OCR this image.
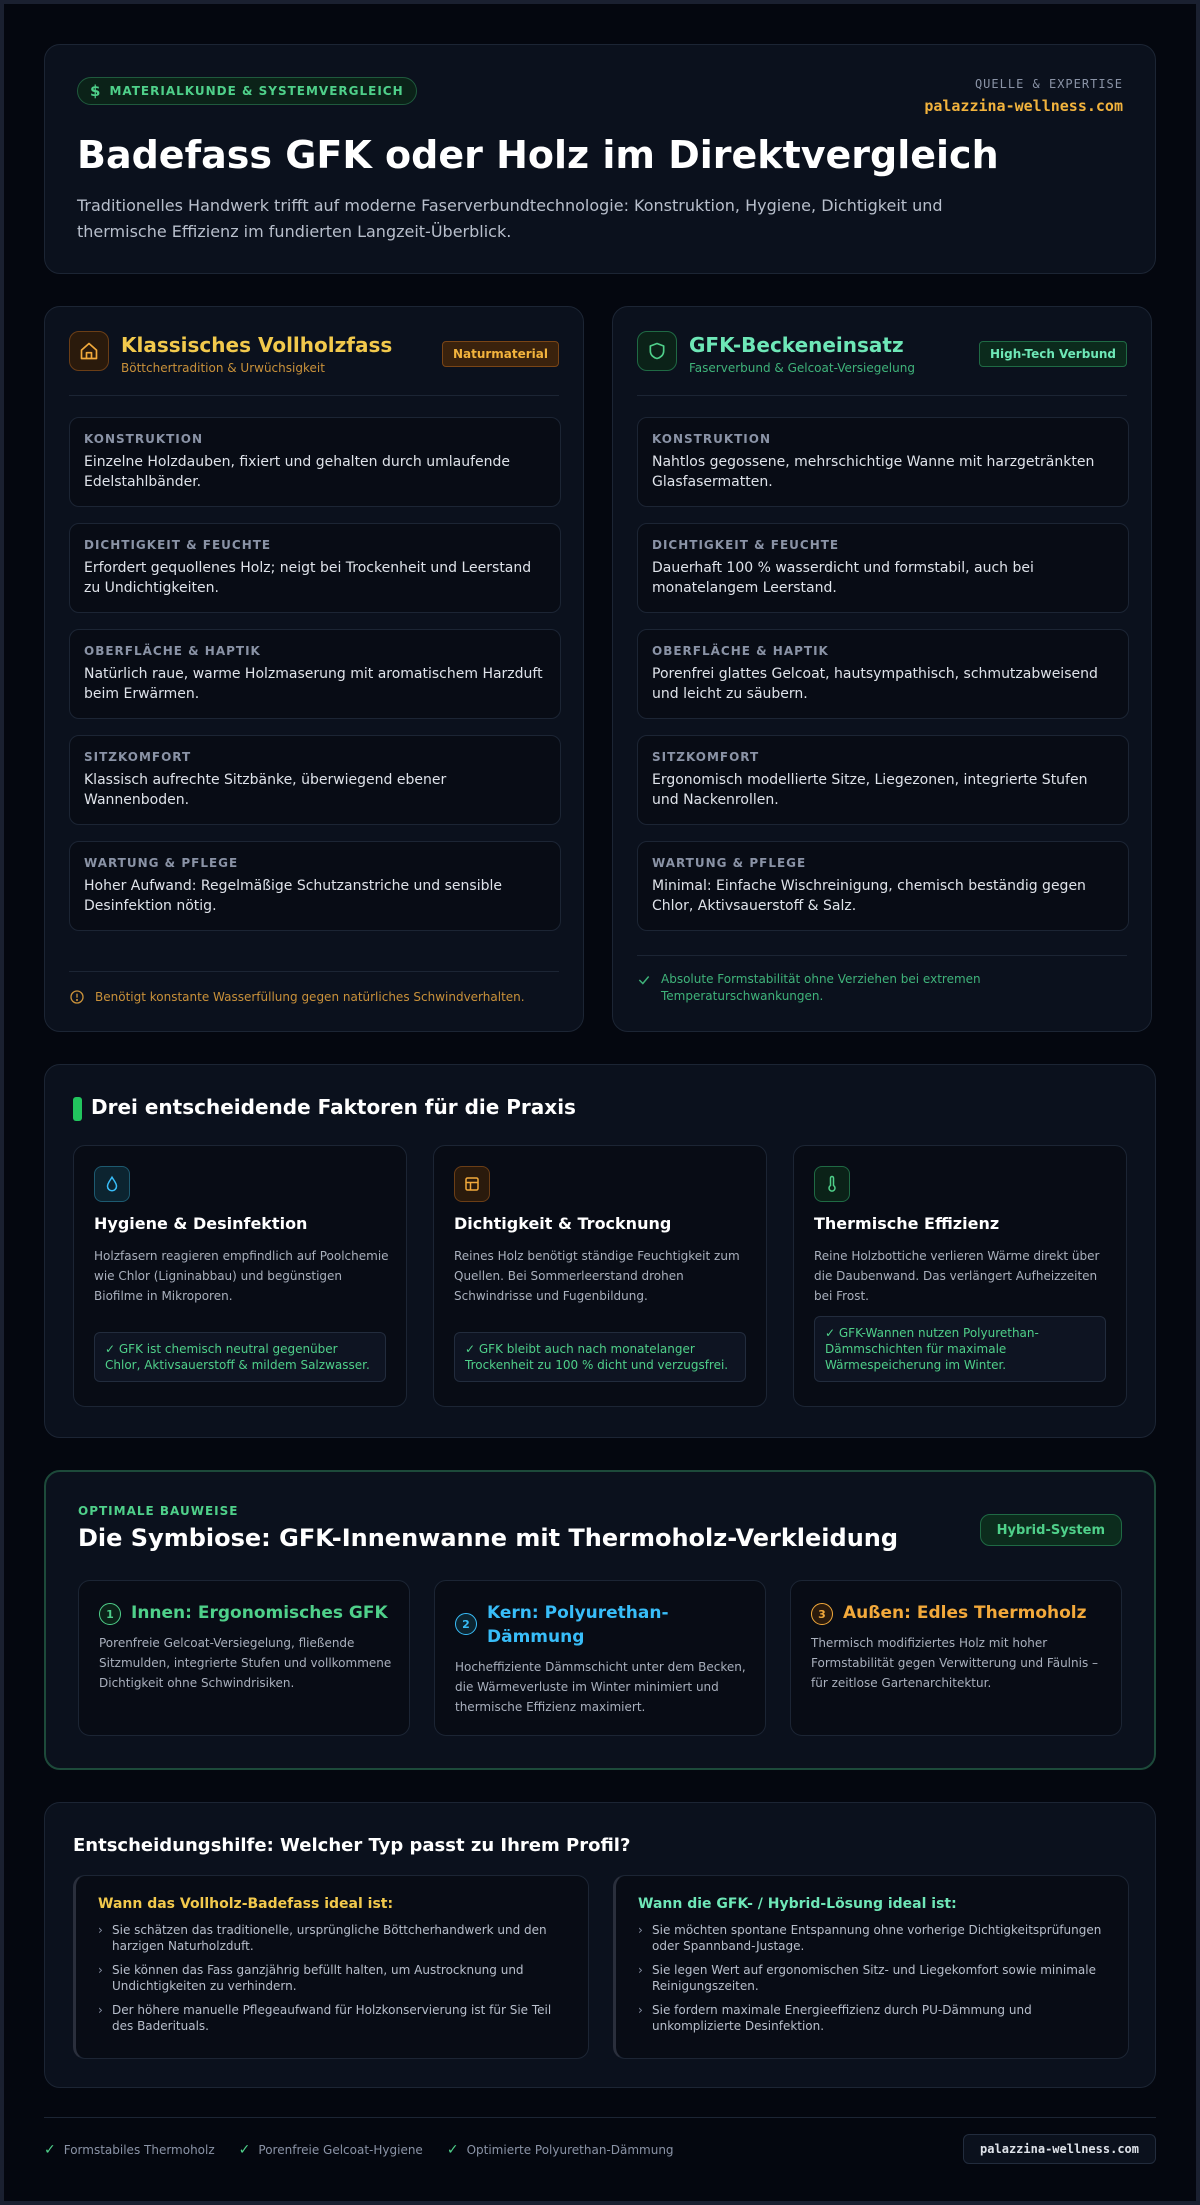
$ MATERIALKUNDE & SYSTEMVERGLEICH	QUELLE & EXPERTISE
palazzina-wellness.com
Badefass GFK oder Holz im Direktvergleich

Traditionelles Handwerk trifft auf moderne Faserverbundtechnologie: Konstruktion, Hygiene, Dichtigkeit und thermische Effizienz im fundierten Langzeit-Überblick.

Klassisches Vollholzfass
Böttchertradition & Urwüchsigkeit
Naturmaterial
KONSTRUKTION
Einzelne Holzdauben, fixiert und gehalten durch umlaufende Edelstahlbänder.
DICHTIGKEIT & FEUCHTE
Erfordert gequollenes Holz; neigt bei Trockenheit und Leerstand zu Undichtigkeiten.
OBERFLÄCHE & HAPTIK
Natürlich raue, warme Holzmaserung mit aromatischem Harzduft beim Erwärmen.
SITZKOMFORT
Klassisch aufrechte Sitzbänke, überwiegend ebener Wannenboden.
WARTUNG & PFLEGE
Hoher Aufwand: Regelmäßige Schutzanstriche und sensible Desinfektion nötig.
Benötigt konstante Wasserfüllung gegen natürliches Schwindverhalten.
GFK-Beckeneinsatz
Faserverbund & Gelcoat-Versiegelung
High-Tech Verbund
KONSTRUKTION
Nahtlos gegossene, mehrschichtige Wanne mit harzgetränkten Glasfasermatten.
DICHTIGKEIT & FEUCHTE
Dauerhaft 100 % wasserdicht und formstabil, auch bei monatelangem Leerstand.
OBERFLÄCHE & HAPTIK
Porenfrei glattes Gelcoat, hautsympathisch, schmutzabweisend und leicht zu säubern.
SITZKOMFORT
Ergonomisch modellierte Sitze, Liegezonen, integrierte Stufen und Nackenrollen.
WARTUNG & PFLEGE
Minimal: Einfache Wischreinigung, chemisch beständig gegen Chlor, Aktivsauerstoff & Salz.
Absolute Formstabilität ohne Verziehen bei extremen Temperaturschwankungen.
Drei entscheidende Faktoren für die Praxis
Hygiene & Desinfektion
Holzfasern reagieren empfindlich auf Poolchemie wie Chlor (Ligninabbau) und begünstigen Biofilme in Mikroporen.
✓ GFK ist chemisch neutral gegenüber Chlor, Aktivsauerstoff & mildem Salzwasser.
Dichtigkeit & Trocknung
Reines Holz benötigt ständige Feuchtigkeit zum Quellen. Bei Sommerleerstand drohen Schwindrisse und Fugenbildung.
✓ GFK bleibt auch nach monatelanger Trockenheit zu 100 % dicht und verzugsfrei.
Thermische Effizienz
Reine Holzbottiche verlieren Wärme direkt über die Daubenwand. Das verlängert Aufheizzeiten bei Frost.
✓ GFK-Wannen nutzen Polyurethan-Dämmschichten für maximale Wärmespeicherung im Winter.
OPTIMALE BAUWEISE
Die Symbiose: GFK-Innenwanne mit Thermoholz-Verkleidung	Hybrid-System
1	Innen: Ergonomisches GFK
Porenfreie Gelcoat-Versiegelung, fließende Sitzmulden, integrierte Stufen und vollkommene Dichtigkeit ohne Schwindrisiken.
2
Kern: Polyurethan-Dämmung
Hocheffiziente Dämmschicht unter dem Becken, die Wärmeverluste im Winter minimiert und thermische Effizienz maximiert.
3	Außen: Edles Thermoholz
Thermisch modifiziertes Holz mit hoher Formstabilität gegen Verwitterung und Fäulnis – für zeitlose Gartenarchitektur.
Entscheidungshilfe: Welcher Typ passt zu Ihrem Profil?
Wann das Vollholz-Badefass ideal ist:
› Sie schätzen das traditionelle, ursprüngliche Böttcherhandwerk und den harzigen Naturholzduft.
› Sie können das Fass ganzjährig befüllt halten, um Austrocknung und Undichtigkeiten zu verhindern.
› Der höhere manuelle Pflegeaufwand für Holzkonservierung ist für Sie Teil des Baderituals.
Wann die GFK- / Hybrid-Lösung ideal ist:
› Sie möchten spontane Entspannung ohne vorherige Dichtigkeitsprüfungen oder Spannband-Justage.
› Sie legen Wert auf ergonomischen Sitz- und Liegekomfort sowie minimale Reinigungszeiten.
› Sie fordern maximale Energieeffizienz durch PU-Dämmung und unkomplizierte Desinfektion.
✓ Formstabiles Thermoholz ✓ Porenfreie Gelcoat-Hygiene ✓ Optimierte Polyurethan-Dämmung	palazzina-wellness.com
